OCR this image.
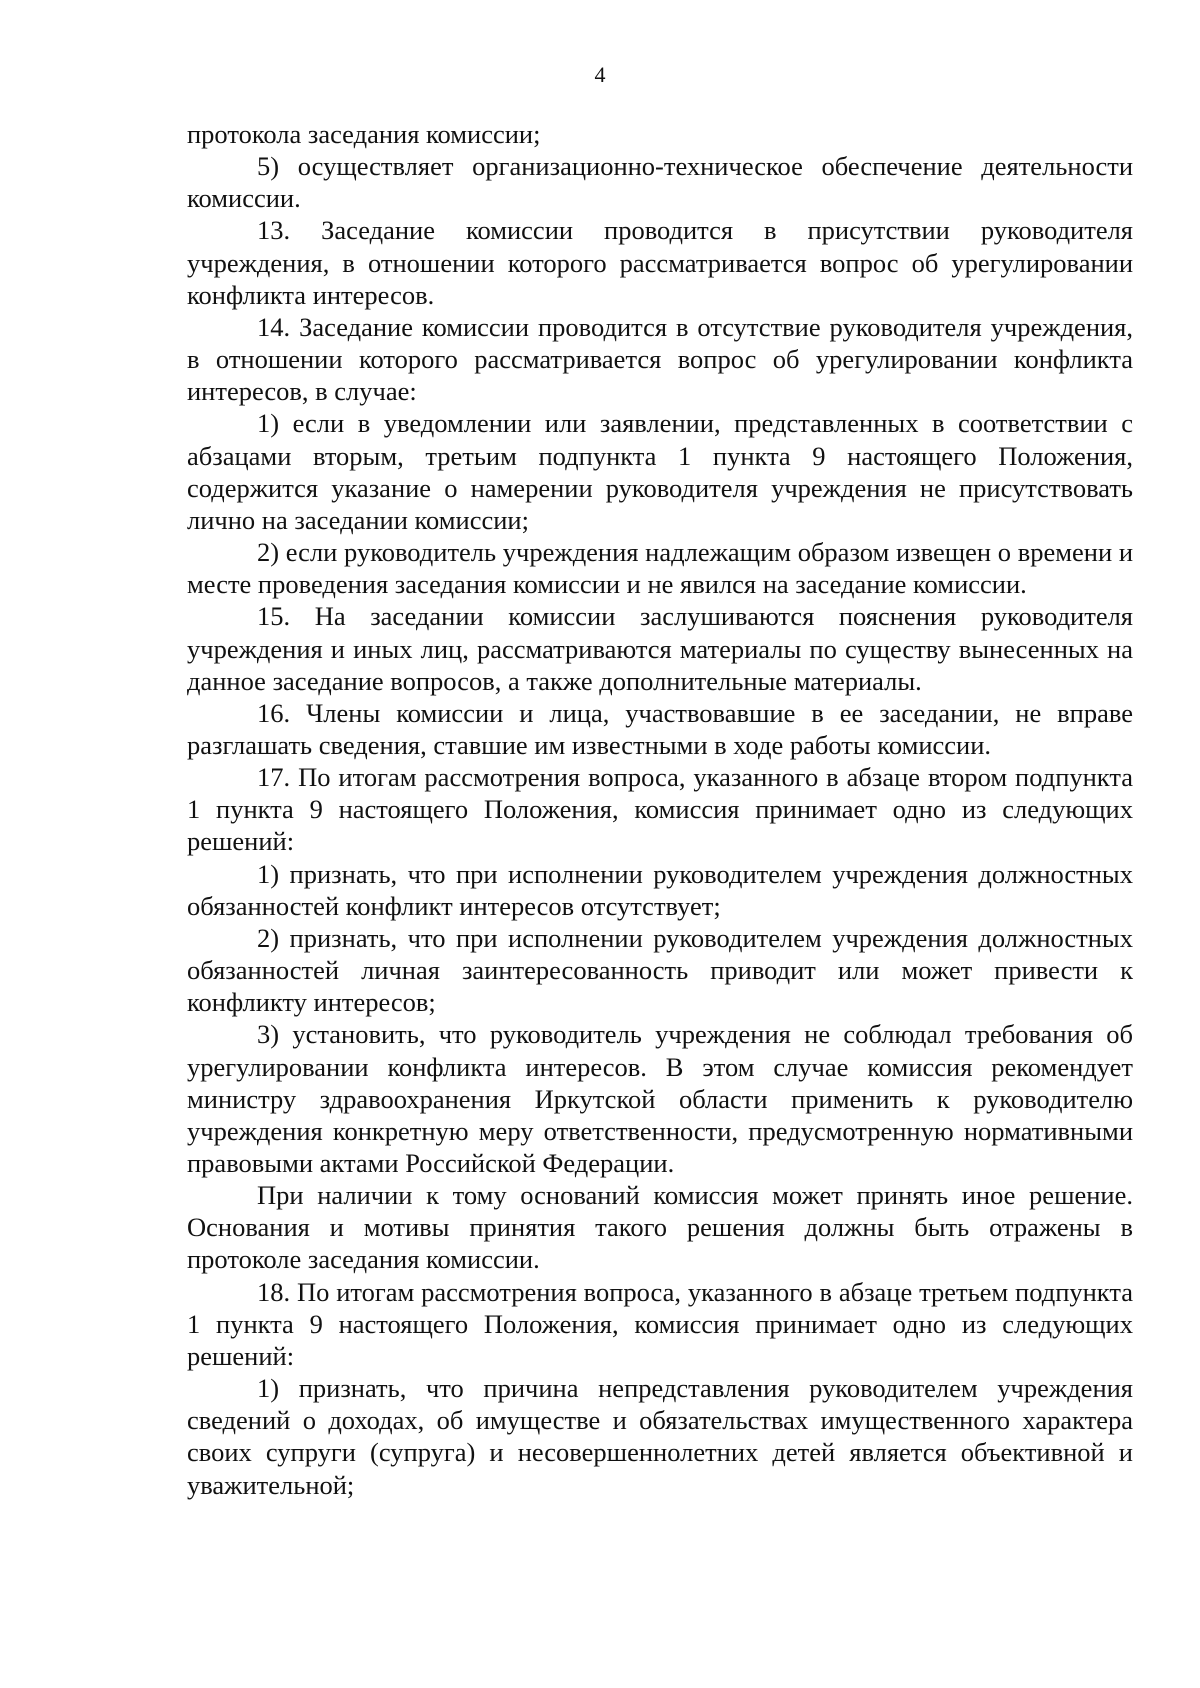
4

протокола заседания комиссии;

5) осуществляет организационно-техническое обеспечение деятельности комиссии.

13. Заседание комиссии проводится в присутствии руководителя учреждения, в отношении которого рассматривается вопрос об урегулировании конфликта интересов.

14. Заседание комиссии проводится в отсутствие руководителя учреждения, в отношении которого рассматривается вопрос об урегулировании конфликта интересов, в случае:

1) если в уведомлении или заявлении, представленных в соответствии с абзацами вторым, третьим подпункта 1 пункта 9 настоящего Положения, содержится указание о намерении руководителя учреждения не присутствовать лично на заседании комиссии;

2) если руководитель учреждения надлежащим образом извещен о времени и месте проведения заседания комиссии и не явился на заседание комиссии.

15. На заседании комиссии заслушиваются пояснения руководителя учреждения и иных лиц, рассматриваются материалы по существу вынесенных на данное заседание вопросов, а также дополнительные материалы.

16. Члены комиссии и лица, участвовавшие в ее заседании, не вправе разглашать сведения, ставшие им известными в ходе работы комиссии.

17. По итогам рассмотрения вопроса, указанного в абзаце втором подпункта 1 пункта 9 настоящего Положения, комиссия принимает одно из следующих решений:

1) признать, что при исполнении руководителем учреждения должностных обязанностей конфликт интересов отсутствует;

2) признать, что при исполнении руководителем учреждения должностных обязанностей личная заинтересованность приводит или может привести к конфликту интересов;

3) установить, что руководитель учреждения не соблюдал требования об урегулировании конфликта интересов. В этом случае комиссия рекомендует министру здравоохранения Иркутской области применить к руководителю учреждения конкретную меру ответственности, предусмотренную нормативными правовыми актами Российской Федерации.

При наличии к тому оснований комиссия может принять иное решение. Основания и мотивы принятия такого решения должны быть отражены в протоколе заседания комиссии.

18. По итогам рассмотрения вопроса, указанного в абзаце третьем подпункта 1 пункта 9 настоящего Положения, комиссия принимает одно из следующих решений:

1) признать, что причина непредставления руководителем учреждения сведений о доходах, об имуществе и обязательствах имущественного характера своих супруги (супруга) и несовершеннолетних детей является объективной и уважительной;
